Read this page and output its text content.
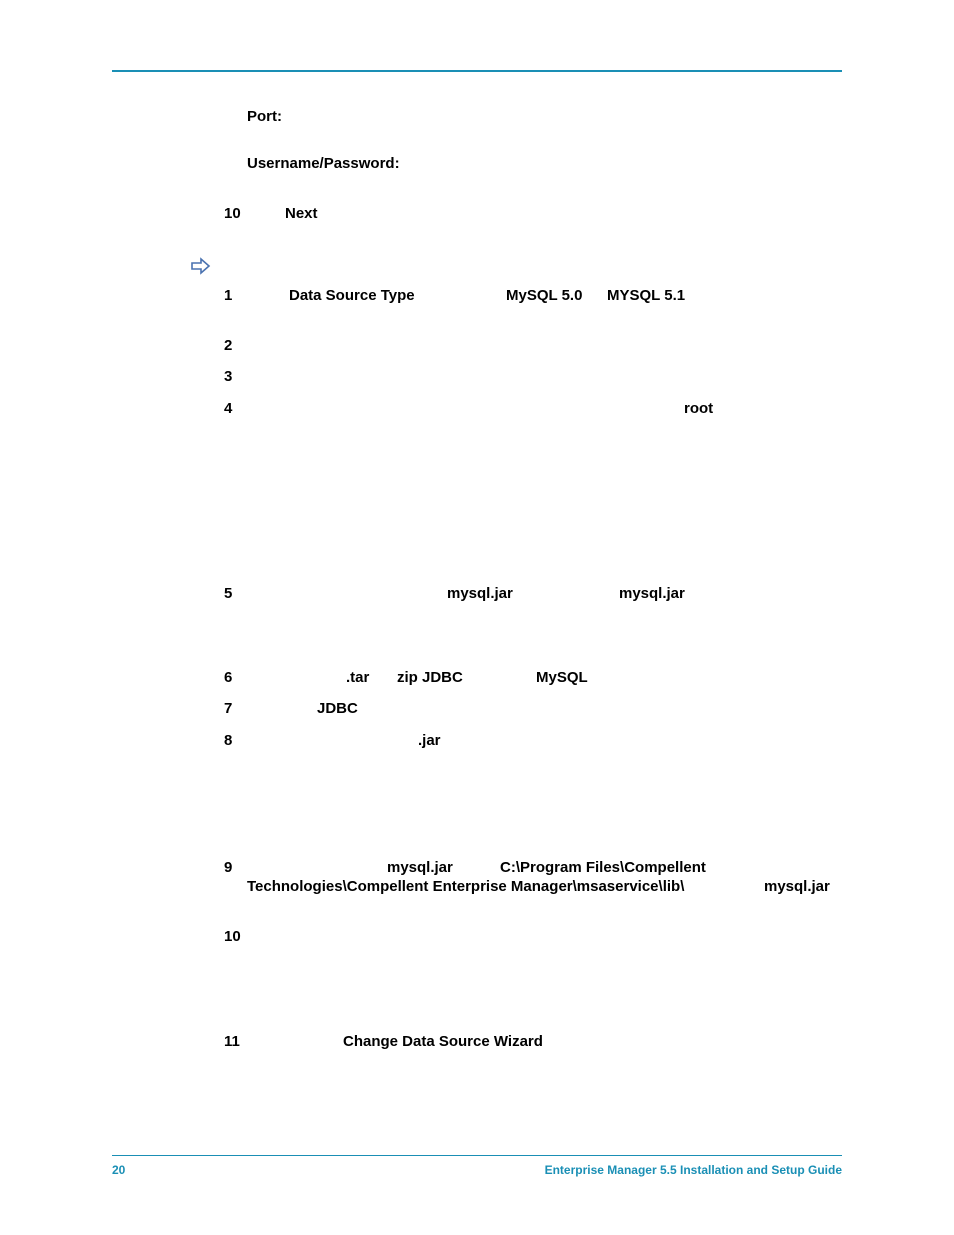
Port:
Username/Password:
10	Next
1	Data Source Type	MySQL 5.0 MYSQL 5.1
2
3
4	root
5	mysql.jar	mysql.jar
6	.tar zip JDBC	MySQL
7	JDBC
8	.jar
9	mysql.jar	C:\Program Files\Compellent
Technologies\Compellent Enterprise Manager\msaservice\lib\	mysql.jar
10
11	Change Data Source Wizard
20	Enterprise Manager 5.5 Installation and Setup Guide
